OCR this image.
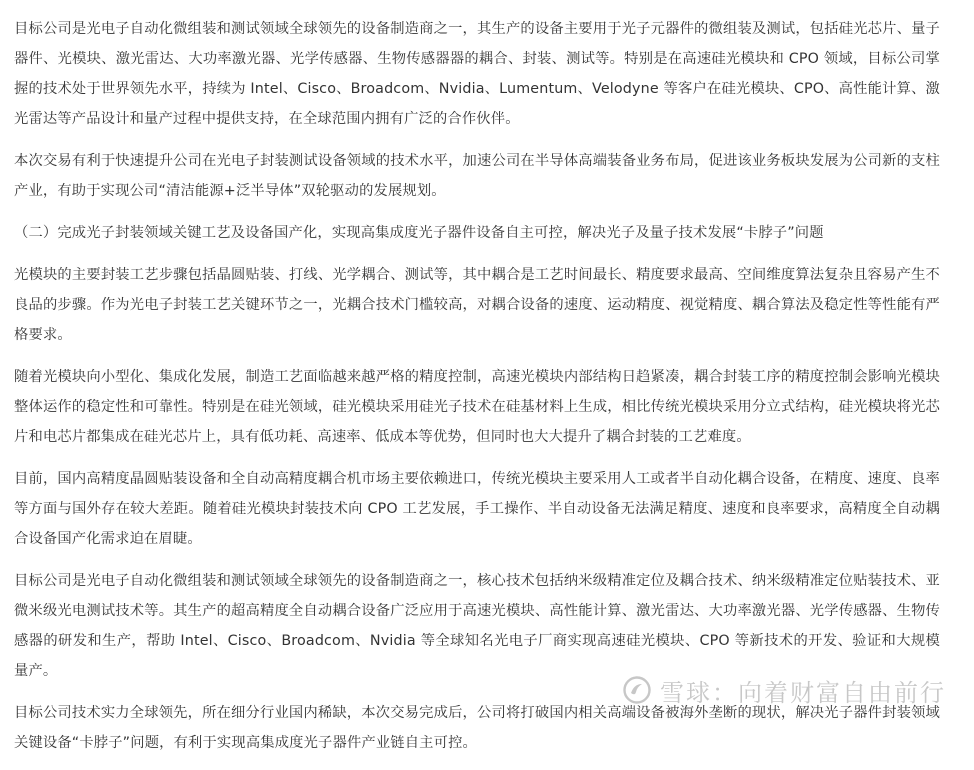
目标公司是光电子自动化微组装和测试领域全球领先的设备制造商之一，其生产的设备主要用于光子元器件的微组装及测试，包括硅光芯片、量子器件、光模块、激光雷达、大功率激光器、光学传感器、生物传感器器的耦合、封装、测试等。特别是在高速硅光模块和 CPO 领域，目标公司掌握的技术处于世界领先水平，持续为 Intel、Cisco、Broadcom、Nvidia、Lumentum、Velodyne 等客户在硅光模块、CPO、高性能计算、激光雷达等产品设计和量产过程中提供支持，在全球范围内拥有广泛的合作伙伴。

本次交易有利于快速提升公司在光电子封装测试设备领域的技术水平，加速公司在半导体高端装备业务布局，促进该业务板块发展为公司新的支柱产业，有助于实现公司“清洁能源+泛半导体”双轮驱动的发展规划。

（二）完成光子封装领域关键工艺及设备国产化，实现高集成度光子器件设备自主可控，解决光子及量子技术发展“卡脖子”问题

光模块的主要封装工艺步骤包括晶圆贴装、打线、光学耦合、测试等，其中耦合是工艺时间最长、精度要求最高、空间维度算法复杂且容易产生不良品的步骤。作为光电子封装工艺关键环节之一，光耦合技术门槛较高，对耦合设备的速度、运动精度、视觉精度、耦合算法及稳定性等性能有严格要求。

随着光模块向小型化、集成化发展，制造工艺面临越来越严格的精度控制，高速光模块内部结构日趋紧凑，耦合封装工序的精度控制会影响光模块整体运作的稳定性和可靠性。特别是在硅光领域，硅光模块采用硅光子技术在硅基材料上生成，相比传统光模块采用分立式结构，硅光模块将光芯片和电芯片都集成在硅光芯片上，具有低功耗、高速率、低成本等优势，但同时也大大提升了耦合封装的工艺难度。

目前，国内高精度晶圆贴装设备和全自动高精度耦合机市场主要依赖进口，传统光模块主要采用人工或者半自动化耦合设备，在精度、速度、良率等方面与国外存在较大差距。随着硅光模块封装技术向 CPO 工艺发展，手工操作、半自动设备无法满足精度、速度和良率要求，高精度全自动耦合设备国产化需求迫在眉睫。

目标公司是光电子自动化微组装和测试领域全球领先的设备制造商之一，核心技术包括纳米级精准定位及耦合技术、纳米级精准定位贴装技术、亚微米级光电测试技术等。其生产的超高精度全自动耦合设备广泛应用于高速光模块、高性能计算、激光雷达、大功率激光器、光学传感器、生物传感器的研发和生产，帮助 Intel、Cisco、Broadcom、Nvidia 等全球知名光电子厂商实现高速硅光模块、CPO 等新技术的开发、验证和大规模量产。

目标公司技术实力全球领先，所在细分行业国内稀缺，本次交易完成后，公司将打破国内相关高端设备被海外垄断的现状，解决光子器件封装领域关键设备“卡脖子”问题，有利于实现高集成度光子器件产业链自主可控。

雪球：向着财富自由前行
